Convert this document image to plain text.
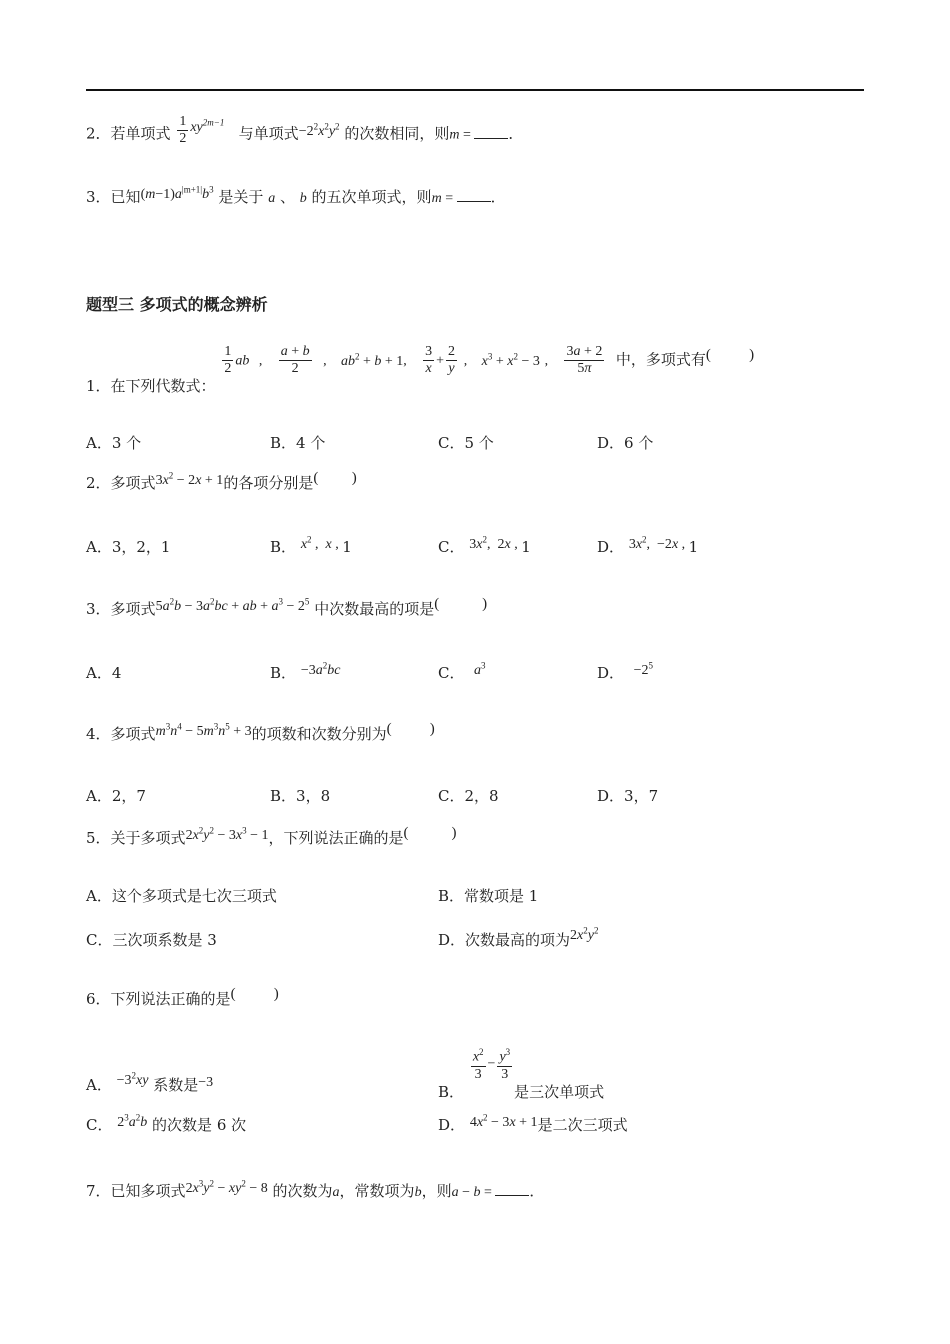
2．若单项式 $\frac{1}{2} xy^{2m-1}$   与单项式$-2^2x^2y^2$ 的次数相同，则m = ．
3．已知$(m-1)a^{|m+1|}b^3$ 是关于 a 、 b 的五次单项式，则m = ．
题型三 多项式的概念辨析
1．在下列代数式：
$\frac{1}{2}$ ab , $\frac{a + b}{2}$ , $ab^2 + b + 1$, $\frac{3}{x} + \frac{2}{y}$ , $x^3 + x^2 - 3$ , $\frac{3a + 2}{5\pi}$ 中，多项式有(	)
A．3 个	B．4 个	C．5 个	D．6 个
2．多项式$3x^2 - 2x + 1$的各项分别是( )
A．3，2，1	B． $x^2$ ,  x , 1	C． $3x^2$,  2x , 1	D． $3x^2$,  −2x , 1
3．多项式$5a^2b - 3a^2bc$ + ab + $a^3 - 2^5$ 中次数最高的项是(	)
A．4	B． $-3a^2bc$	C． $a^3$	D． $-2^5$
4．多项式$m^3n^4 - 5m^3n^5 + 3$的项数和次数分别为(	)
A．2，7	B．3，8	C．2，8	D．3，7
5．关于多项式$2x^2y^2 - 3x^3 - 1$，下列说法正确的是(	)
A．这个多项式是七次三项式	B．常数项是 1
C．三次项系数是 3	D．次数最高的项为$2x^2y^2$
6．下列说法正确的是(	)
A． $-3^2xy$ 系数是−3
B．
$\frac{x^2}{3} - \frac{y^3}{3}$
是三次单项式
C． $2^3a^2b$ 的次数是 6 次	D． $4x^2 - 3x + 1$是二次三项式
7．已知多项式$2x^3y^2 - xy^2 - 8$ 的次数为a，常数项为b，则a − b = ．
